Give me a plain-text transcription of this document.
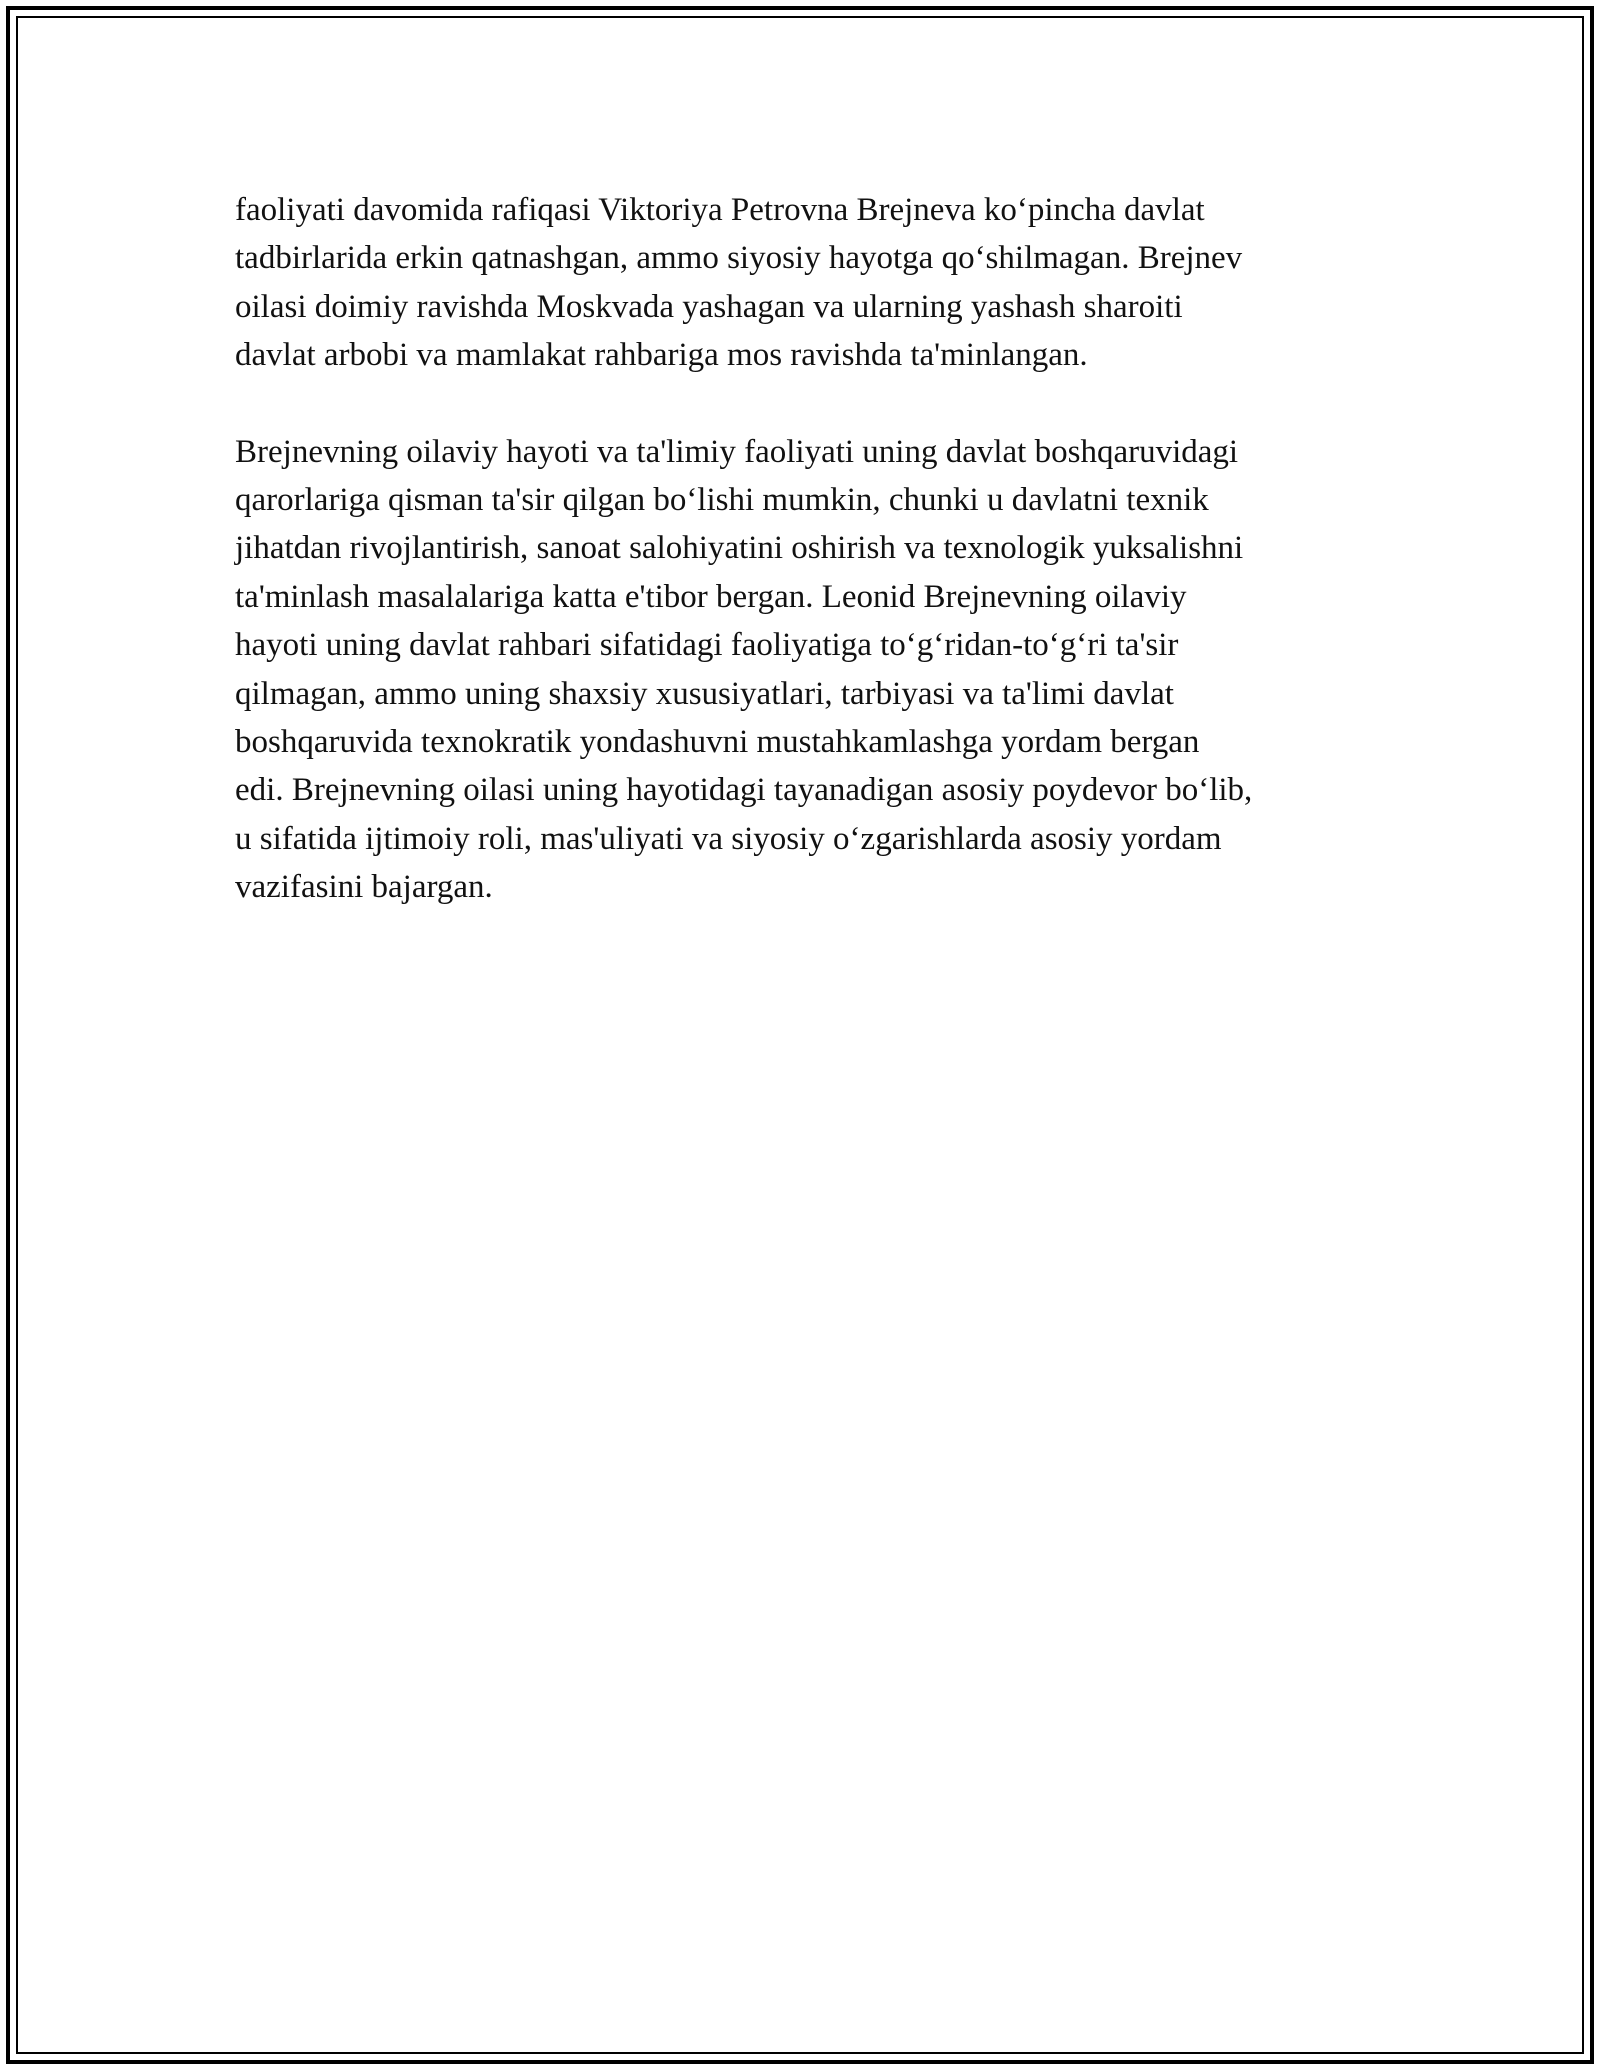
faoliyati davomida rafiqasi Viktoriya Petrovna Brejneva ko‘pincha davlat
tadbirlarida erkin qatnashgan, ammo siyosiy hayotga qo‘shilmagan. Brejnev
oilasi doimiy ravishda Moskvada yashagan va ularning yashash sharoiti
davlat arbobi va mamlakat rahbariga mos ravishda ta'minlangan.

Brejnevning oilaviy hayoti va ta'limiy faoliyati uning davlat boshqaruvidagi
qarorlariga qisman ta'sir qilgan bo‘lishi mumkin, chunki u davlatni texnik
jihatdan rivojlantirish, sanoat salohiyatini oshirish va texnologik yuksalishni
ta'minlash masalalariga katta e'tibor bergan. Leonid Brejnevning oilaviy
hayoti uning davlat rahbari sifatidagi faoliyatiga to‘g‘ridan-to‘g‘ri ta'sir
qilmagan, ammo uning shaxsiy xususiyatlari, tarbiyasi va ta'limi davlat
boshqaruvida texnokratik yondashuvni mustahkamlashga yordam bergan
edi. Brejnevning oilasi uning hayotidagi tayanadigan asosiy poydevor bo‘lib,
u sifatida ijtimoiy roli, mas'uliyati va siyosiy o‘zgarishlarda asosiy yordam
vazifasini bajargan.
